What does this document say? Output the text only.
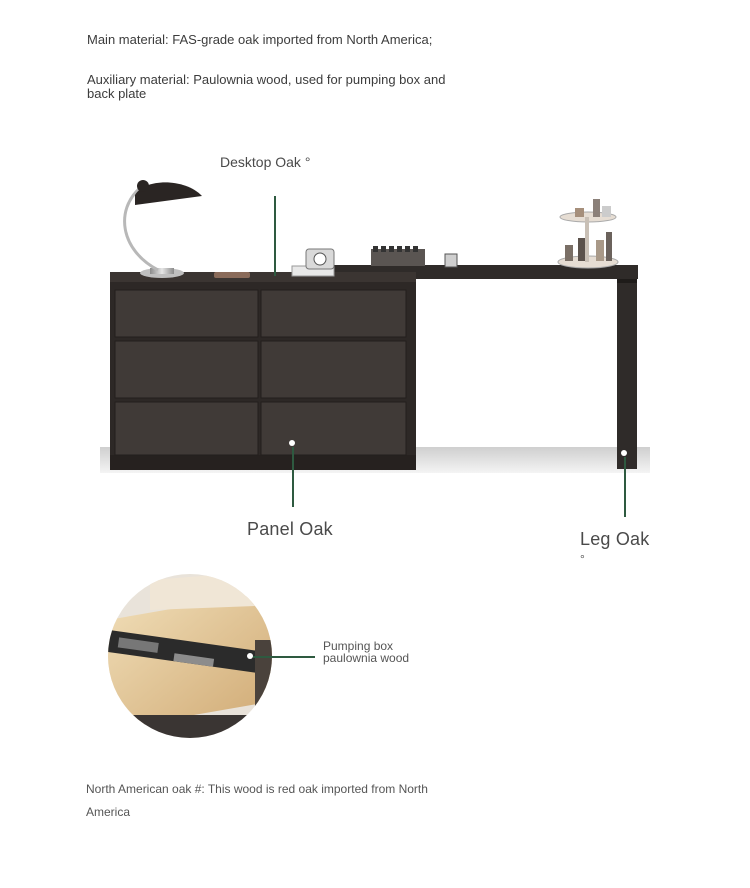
Main material: FAS-grade oak imported from North America;
Auxiliary material: Paulownia wood, used for pumping box and back plate
Desktop Oak °
Panel Oak	Leg Oak
°
Pumping box
paulownia wood
North American oak #: This wood is red oak imported from North
America
